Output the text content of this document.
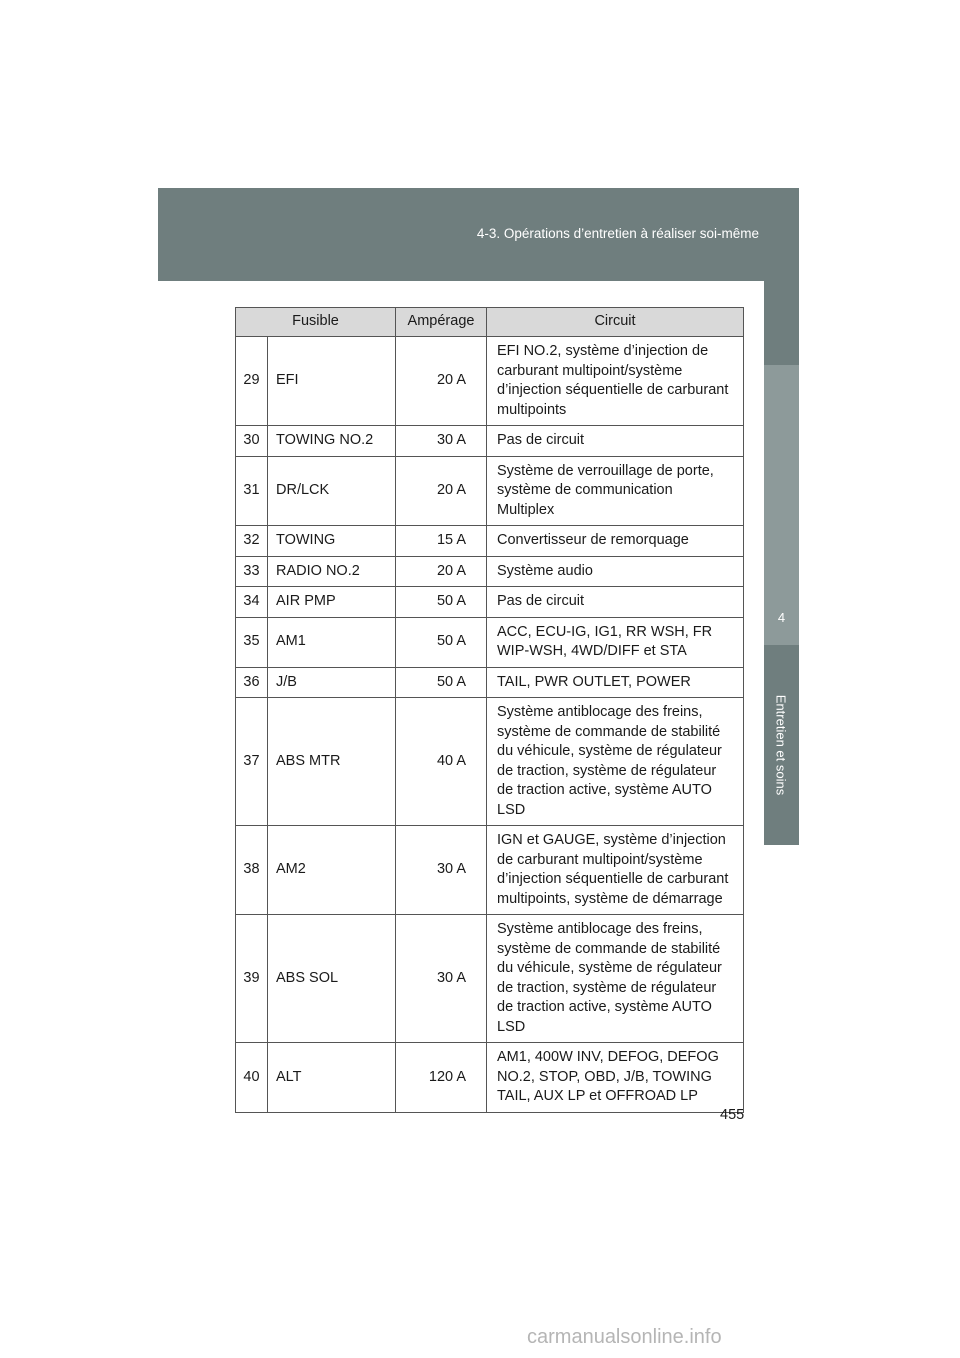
4-3. Opérations d’entretien à réaliser soi-même
4
Entretien et soins
Fusible		Ampérage	Circuit
29	EFI	20 A	EFI NO.2, système d’injection de carburant multipoint/système d’injection séquentielle de carburant multipoints
30	TOWING NO.2	30 A	Pas de circuit
31	DR/LCK	20 A	Système de verrouillage de porte, système de communication Multiplex
32	TOWING	15 A	Convertisseur de remorquage
33	RADIO NO.2	20 A	Système audio
34	AIR PMP	50 A	Pas de circuit
35	AM1	50 A	ACC, ECU-IG, IG1, RR WSH, FR WIP-WSH, 4WD/DIFF et STA
36	J/B	50 A	TAIL, PWR OUTLET, POWER
37	ABS MTR	40 A	Système antiblocage des freins, système de commande de stabilité du véhicule, système de régulateur de traction, système de régulateur de traction active, système AUTO LSD
38	AM2	30 A	IGN et GAUGE, système d’injection de carburant multipoint/système d’injection séquentielle de carburant multipoints, système de démarrage
39	ABS SOL	30 A	Système antiblocage des freins, système de commande de stabilité du véhicule, système de régulateur de traction, système de régulateur de traction active, système AUTO LSD
40	ALT	120 A	AM1, 400W INV, DEFOG, DEFOG NO.2, STOP, OBD, J/B, TOWING TAIL, AUX LP et OFFROAD LP
455
carmanualsonline.info
